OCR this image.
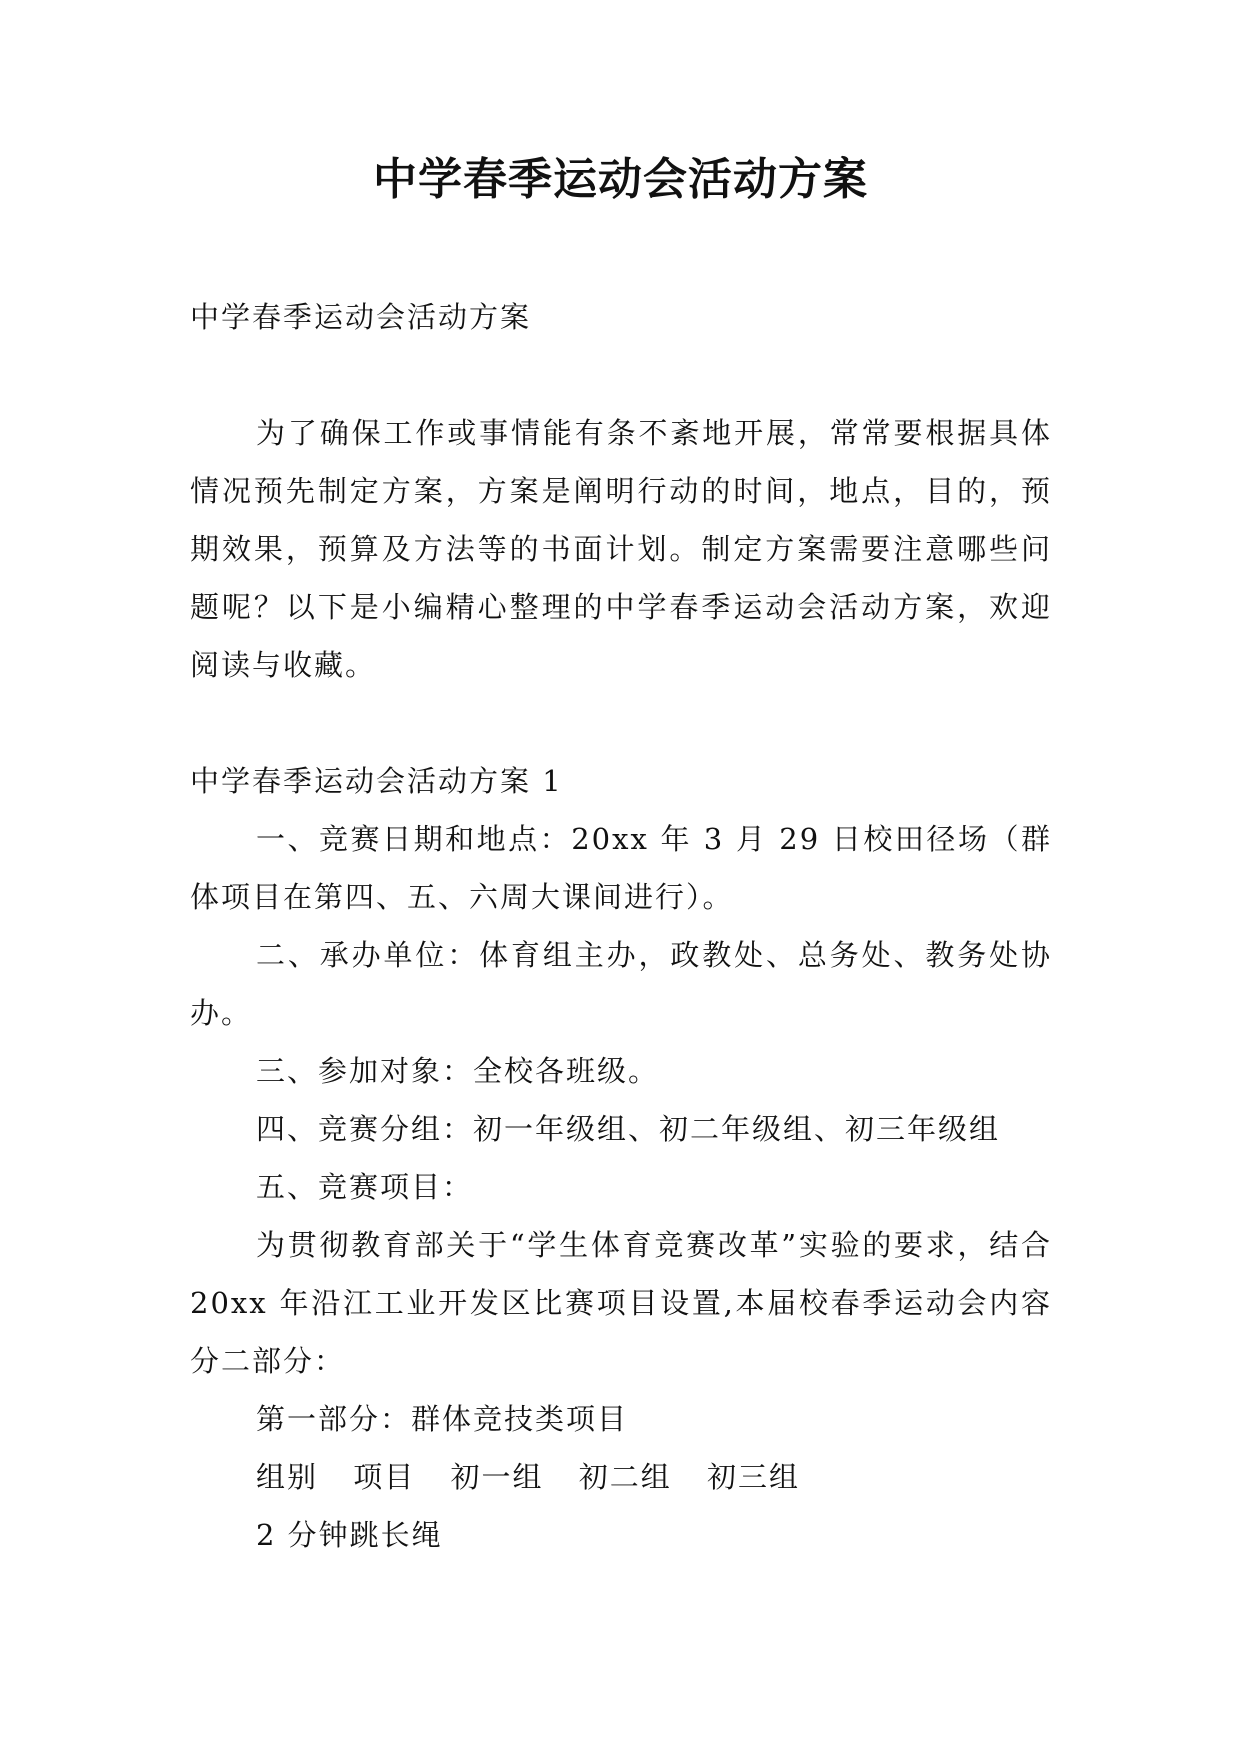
中学春季运动会活动方案

中学春季运动会活动方案

为了确保工作或事情能有条不紊地开展，常常要根据具体情况预先制定方案，方案是阐明行动的时间，地点，目的，预期效果，预算及方法等的书面计划。制定方案需要注意哪些问题呢？以下是小编精心整理的中学春季运动会活动方案，欢迎阅读与收藏。

中学春季运动会活动方案 1

一、竞赛日期和地点：20xx 年 3 月 29 日校田径场（群体项目在第四、五、六周大课间进行）。

二、承办单位：体育组主办，政教处、总务处、教务处协办。

三、参加对象：全校各班级。

四、竞赛分组：初一年级组、初二年级组、初三年级组

五、竞赛项目：

为贯彻教育部关于“学生体育竞赛改革”实验的要求，结合 20xx 年沿江工业开发区比赛项目设置,本届校春季运动会内容分二部分：

第一部分：群体竞技类项目

组别 项目 初一组 初二组 初三组

2 分钟跳长绳
